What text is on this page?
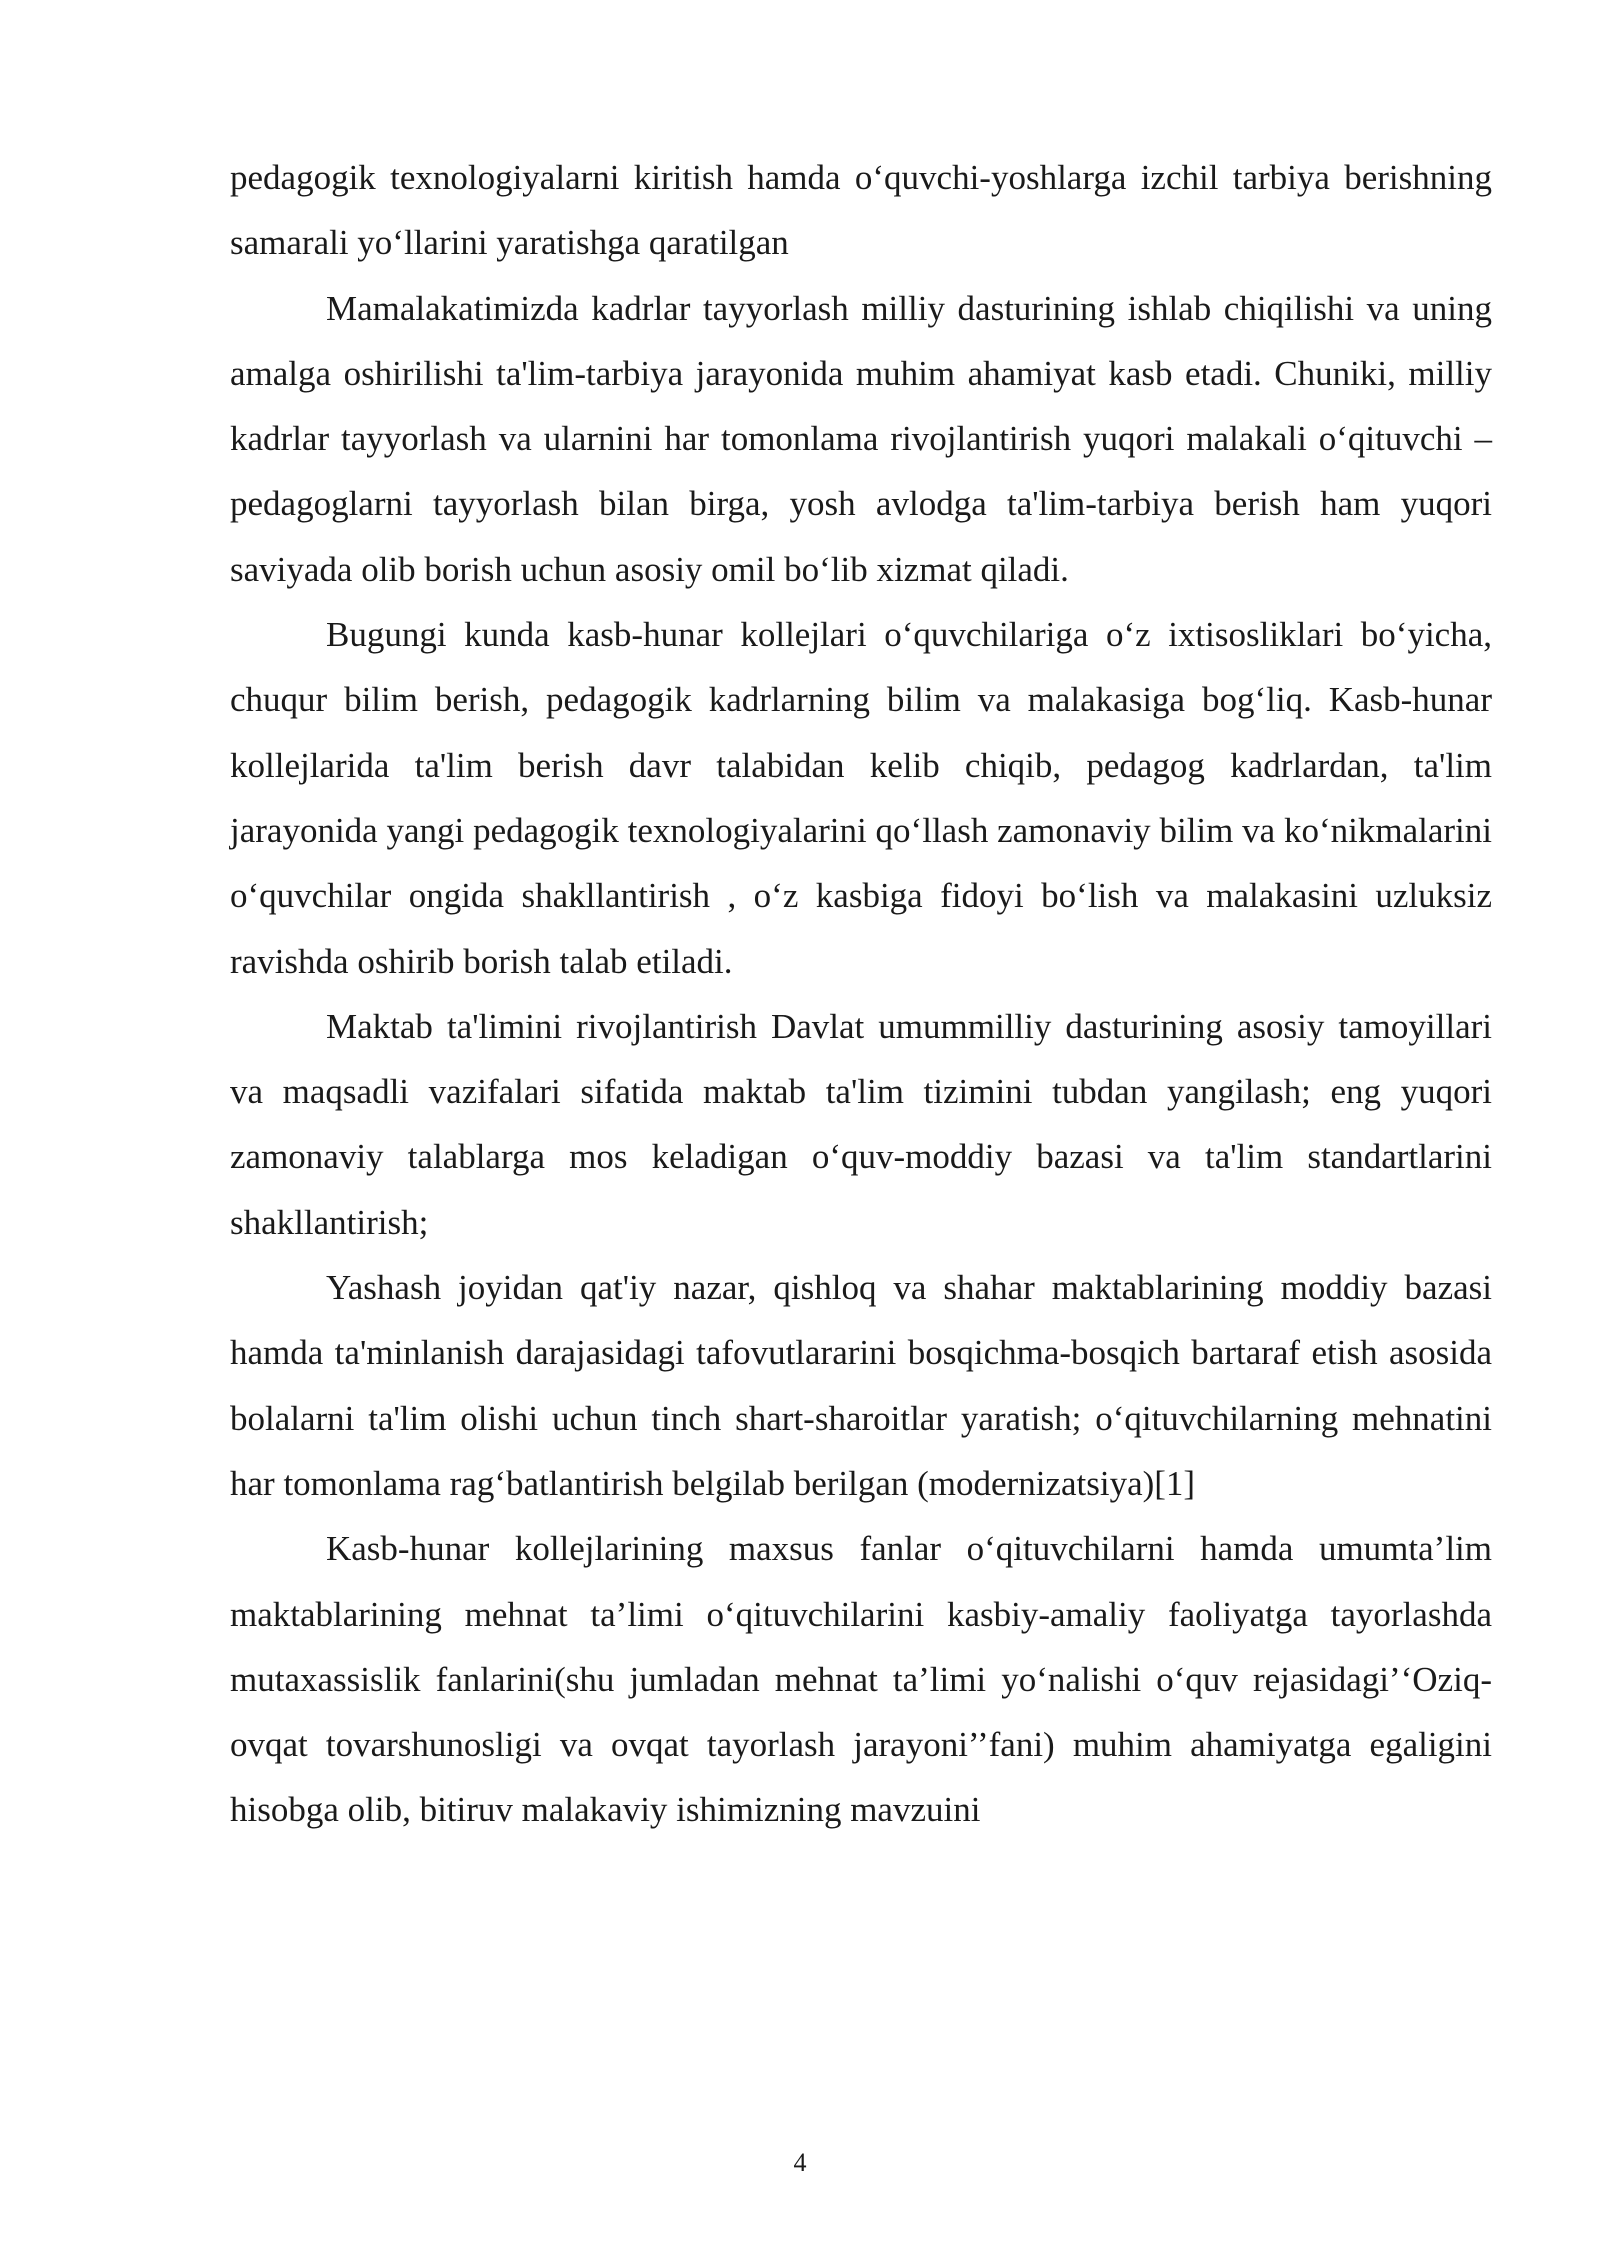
pedagogik texnologiyalarni kiritish hamda o‘quvchi-yoshlarga izchil tarbiya berishning samarali yo‘llarini yaratishga qaratilgan

Mamalakatimizda kadrlar tayyorlash milliy dasturining ishlab chiqilishi va uning amalga oshirilishi ta'lim-tarbiya jarayonida muhim ahamiyat kasb etadi. Chuniki, milliy kadrlar tayyorlash va ularnini har tomonlama rivojlantirish yuqori malakali o‘qituvchi –pedagoglarni tayyorlash bilan birga, yosh avlodga ta'lim-tarbiya berish ham yuqori saviyada olib borish uchun asosiy omil bo‘lib xizmat qiladi.

Bugungi kunda kasb-hunar kollejlari o‘quvchilariga o‘z ixtisosliklari bo‘yicha, chuqur bilim berish, pedagogik kadrlarning bilim va malakasiga bog‘liq. Kasb-hunar kollejlarida ta'lim berish davr talabidan kelib chiqib, pedagog kadrlardan, ta'lim jarayonida yangi pedagogik texnologiyalarini qo‘llash zamonaviy bilim va ko‘nikmalarini o‘quvchilar ongida shakllantirish , o‘z kasbiga fidoyi bo‘lish va malakasini uzluksiz ravishda oshirib borish talab etiladi.

Maktab ta'limini rivojlantirish Davlat umummilliy dasturining asosiy tamoyillari va maqsadli vazifalari sifatida maktab ta'lim tizimini tubdan yangilash; eng yuqori zamonaviy talablarga mos keladigan o‘quv-moddiy bazasi va ta'lim standartlarini shakllantirish;

Yashash joyidan qat'iy nazar, qishloq va shahar maktablarining moddiy bazasi hamda ta'minlanish darajasidagi tafovutlararini bosqichma-bosqich bartaraf etish asosida bolalarni ta'lim olishi uchun tinch shart-sharoitlar yaratish; o‘qituvchilarning mehnatini har tomonlama rag‘batlantirish belgilab berilgan (modernizatsiya)[1]

Kasb-hunar kollejlarining maxsus fanlar o‘qituvchilarni hamda umumta’lim maktablarining mehnat ta’limi o‘qituvchilarini kasbiy-amaliy faoliyatga tayorlashda mutaxassislik fanlarini(shu jumladan mehnat ta’limi yo‘nalishi o‘quv rejasidagi’‘Oziq-ovqat tovarshunosligi va ovqat tayorlash jarayoni’’fani) muhim ahamiyatga egaligini hisobga olib, bitiruv malakaviy ishimizning mavzuini

4
